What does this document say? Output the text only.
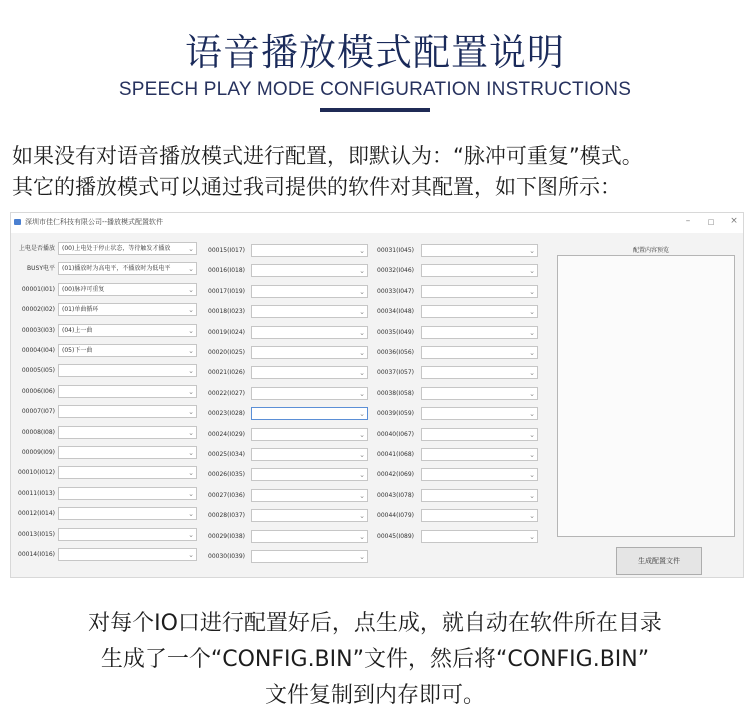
语音播放模式配置说明
SPEECH PLAY MODE CONFIGURATION INSTRUCTIONS
如果没有对语音播放模式进行配置，即默认为：“脉冲可重复”模式。
其它的播放模式可以通过我司提供的软件对其配置，如下图所示：
深圳市佳仁科技有限公司--播放模式配置软件	–	□	×
上电是否播放 (00)上电处于停止状态，等待触发才播放	⌄
BUSY电平 (01)播放时为高电平，不播放时为低电平	⌄
00001(I01) (00)脉冲可重复	⌄
00002(I02) (01)单曲循环	⌄
00003(I03) (04)上一曲	⌄
00004(I04) (05)下一曲	⌄
00005(I05)	⌄
00006(I06)	⌄
00007(I07)	⌄
00008(I08)	⌄
00009(I09)	⌄
00010(I012)	⌄
00011(I013)	⌄
00012(I014)	⌄
00013(I015)	⌄
00014(I016)	⌄
00015(I017)	⌄
00016(I018)	⌄
00017(I019)	⌄
00018(I023)	⌄
00019(I024)	⌄
00020(I025)	⌄
00021(I026)	⌄
00022(I027)	⌄
00023(I028)	⌄
00024(I029)	⌄
00025(I034)	⌄
00026(I035)	⌄
00027(I036)	⌄
00028(I037)	⌄
00029(I038)	⌄
00030(I039)	⌄
00031(I045)	⌄
00032(I046)	⌄
00033(I047)	⌄
00034(I048)	⌄
00035(I049)	⌄
00036(I056)	⌄
00037(I057)	⌄
00038(I058)	⌄
00039(I059)	⌄
00040(I067)	⌄
00041(I068)	⌄
00042(I069)	⌄
00043(I078)	⌄
00044(I079)	⌄
00045(I089)	⌄
配置内容预览
生成配置文件
对每个IO口进行配置好后，点生成，就自动在软件所在目录
生成了一个“CONFIG.BIN”文件，然后将“CONFIG.BIN”
文件复制到内存即可。
